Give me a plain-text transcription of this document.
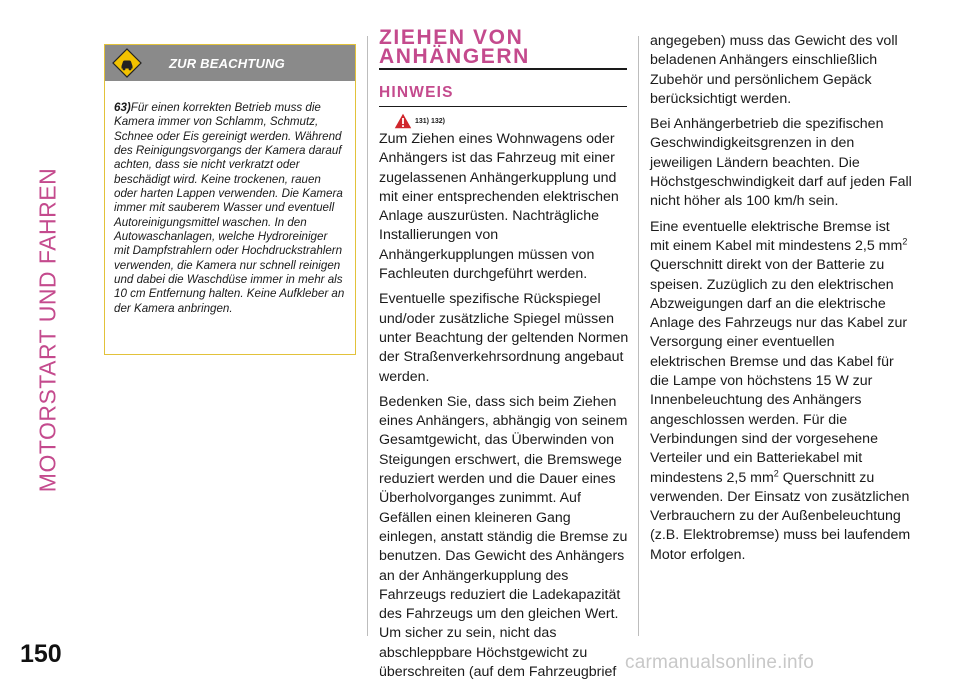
MOTORSTART UND FAHREN
ZUR BEACHTUNG
63)Für einen korrekten Betrieb muss die Kamera immer von Schlamm, Schmutz, Schnee oder Eis gereinigt werden. Während des Reinigungsvorgangs der Kamera darauf achten, dass sie nicht verkratzt oder beschädigt wird. Keine trockenen, rauen oder harten Lappen verwenden. Die Kamera immer mit sauberem Wasser und eventuell Autoreinigungsmittel waschen. In den Autowaschanlagen, welche Hydroreiniger mit Dampfstrahlern oder Hochdruckstrahlern verwenden, die Kamera nur schnell reinigen und dabei die Waschdüse immer in mehr als 10 cm Entfernung halten. Keine Aufkleber an der Kamera anbringen.
ZIEHEN VON
ANHÄNGERN
HINWEIS
131) 132)

Zum Ziehen eines Wohnwagens oder Anhängers ist das Fahrzeug mit einer zugelassenen Anhängerkupplung und mit einer entsprechenden elektrischen Anlage auszurüsten. Nachträgliche Installierungen von Anhängerkupplungen müssen von Fachleuten durchgeführt werden.

Eventuelle spezifische Rückspiegel und/oder zusätzliche Spiegel müssen unter Beachtung der geltenden Normen der Straßenverkehrsordnung angebaut werden.

Bedenken Sie, dass sich beim Ziehen eines Anhängers, abhängig von seinem Gesamtgewicht, das Überwinden von Steigungen erschwert, die Bremswege reduziert werden und die Dauer eines Überholvorganges zunimmt. Auf Gefällen einen kleineren Gang einlegen, anstatt ständig die Bremse zu benutzen. Das Gewicht des Anhängers an der Anhängerkupplung des Fahrzeugs reduziert die Ladekapazität des Fahrzeugs um den gleichen Wert. Um sicher zu sein, nicht das abschleppbare Höchstgewicht zu überschreiten (auf dem Fahrzeugbrief

angegeben) muss das Gewicht des voll beladenen Anhängers einschließlich Zubehör und persönlichem Gepäck berücksichtigt werden.

Bei Anhängerbetrieb die spezifischen Geschwindigkeitsgrenzen in den jeweiligen Ländern beachten. Die Höchstgeschwindigkeit darf auf jeden Fall nicht höher als 100 km/h sein.

Eine eventuelle elektrische Bremse ist mit einem Kabel mit mindestens 2,5 $mm^2$ Querschnitt direkt von der Batterie zu speisen. Zuzüglich zu den elektrischen Abzweigungen darf an die elektrische Anlage des Fahrzeugs nur das Kabel zur Versorgung einer eventuellen elektrischen Bremse und das Kabel für die Lampe von höchstens 15 W zur Innenbeleuchtung des Anhängers angeschlossen werden. Für die Verbindungen sind der vorgesehene Verteiler und ein Batteriekabel mit mindestens 2,5 $mm^2$ Querschnitt zu verwenden. Der Einsatz von zusätzlichen Verbrauchern zu der Außenbeleuchtung (z.B. Elektrobremse) muss bei laufendem Motor erfolgen.

150	carmanualsonline.info
